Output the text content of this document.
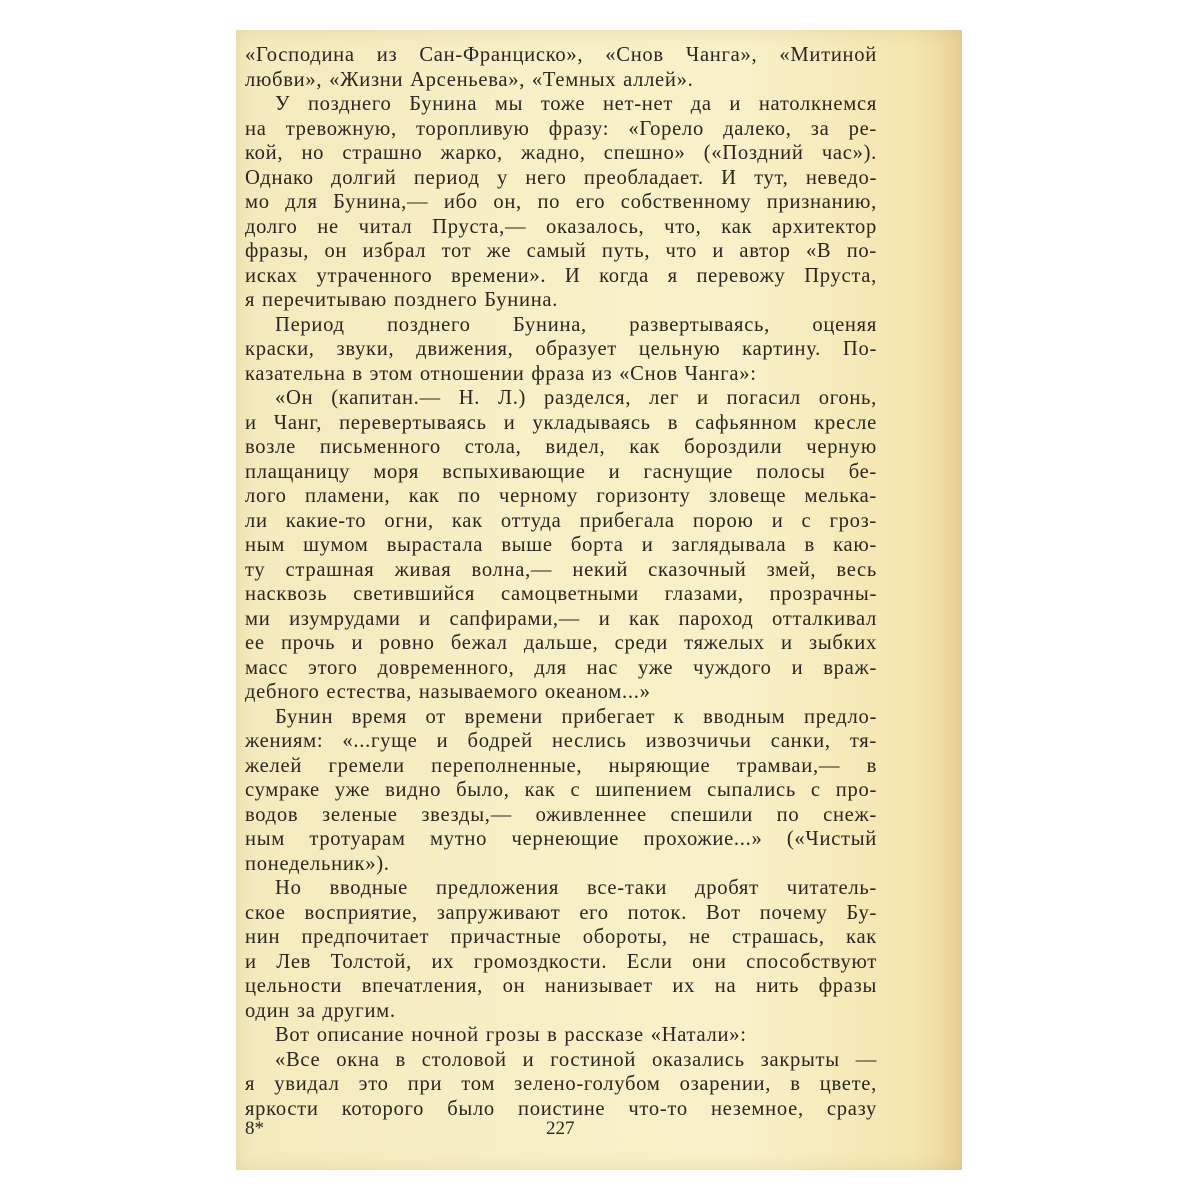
«Господина из Сан-Франциско», «Снов Чанга», «Митиной
любви», «Жизни Арсеньева», «Темных аллей».
У позднего Бунина мы тоже нет-нет да и натолкнемся
на тревожную, торопливую фразу: «Горело далеко, за ре-
кой, но страшно жарко, жадно, спешно» («Поздний час»).
Однако долгий период у него преобладает. И тут, неведо-
мо для Бунина,— ибо он, по его собственному признанию,
долго не читал Пруста,— оказалось, что, как архитектор
фразы, он избрал тот же самый путь, что и автор «В по-
исках утраченного времени». И когда я перевожу Пруста,
я перечитываю позднего Бунина.
Период позднего Бунина, развертываясь, оценяя
краски, звуки, движения, образует цельную картину. По-
казательна в этом отношении фраза из «Снов Чанга»:
«Он (капитан.— Н. Л.) разделся, лег и погасил огонь,
и Чанг, перевертываясь и укладываясь в сафьянном кресле
возле письменного стола, видел, как бороздили черную
плащаницу моря вспыхивающие и гаснущие полосы бе-
лого пламени, как по черному горизонту зловеще мелька-
ли какие-то огни, как оттуда прибегала порою и с гроз-
ным шумом вырастала выше борта и заглядывала в каю-
ту страшная живая волна,— некий сказочный змей, весь
насквозь светившийся самоцветными глазами, прозрачны-
ми изумрудами и сапфирами,— и как пароход отталкивал
ее прочь и ровно бежал дальше, среди тяжелых и зыбких
масс этого довременного, для нас уже чуждого и враж-
дебного естества, называемого океаном...»
Бунин время от времени прибегает к вводным предло-
жениям: «...гуще и бодрей неслись извозчичьи санки, тя-
желей гремели переполненные, ныряющие трамваи,— в
сумраке уже видно было, как с шипением сыпались с про-
водов зеленые звезды,— оживленнее спешили по снеж-
ным тротуарам мутно чернеющие прохожие...» («Чистый
понедельник»).
Но вводные предложения все-таки дробят читатель-
ское восприятие, запруживают его поток. Вот почему Бу-
нин предпочитает причастные обороты, не страшась, как
и Лев Толстой, их громоздкости. Если они способствуют
цельности впечатления, он нанизывает их на нить фразы
один за другим.
Вот описание ночной грозы в рассказе «Натали»:
«Все окна в столовой и гостиной оказались закрыты —
я увидал это при том зелено-голубом озарении, в цвете,
яркости которого было поистине что-то неземное, сразу
8*	227
